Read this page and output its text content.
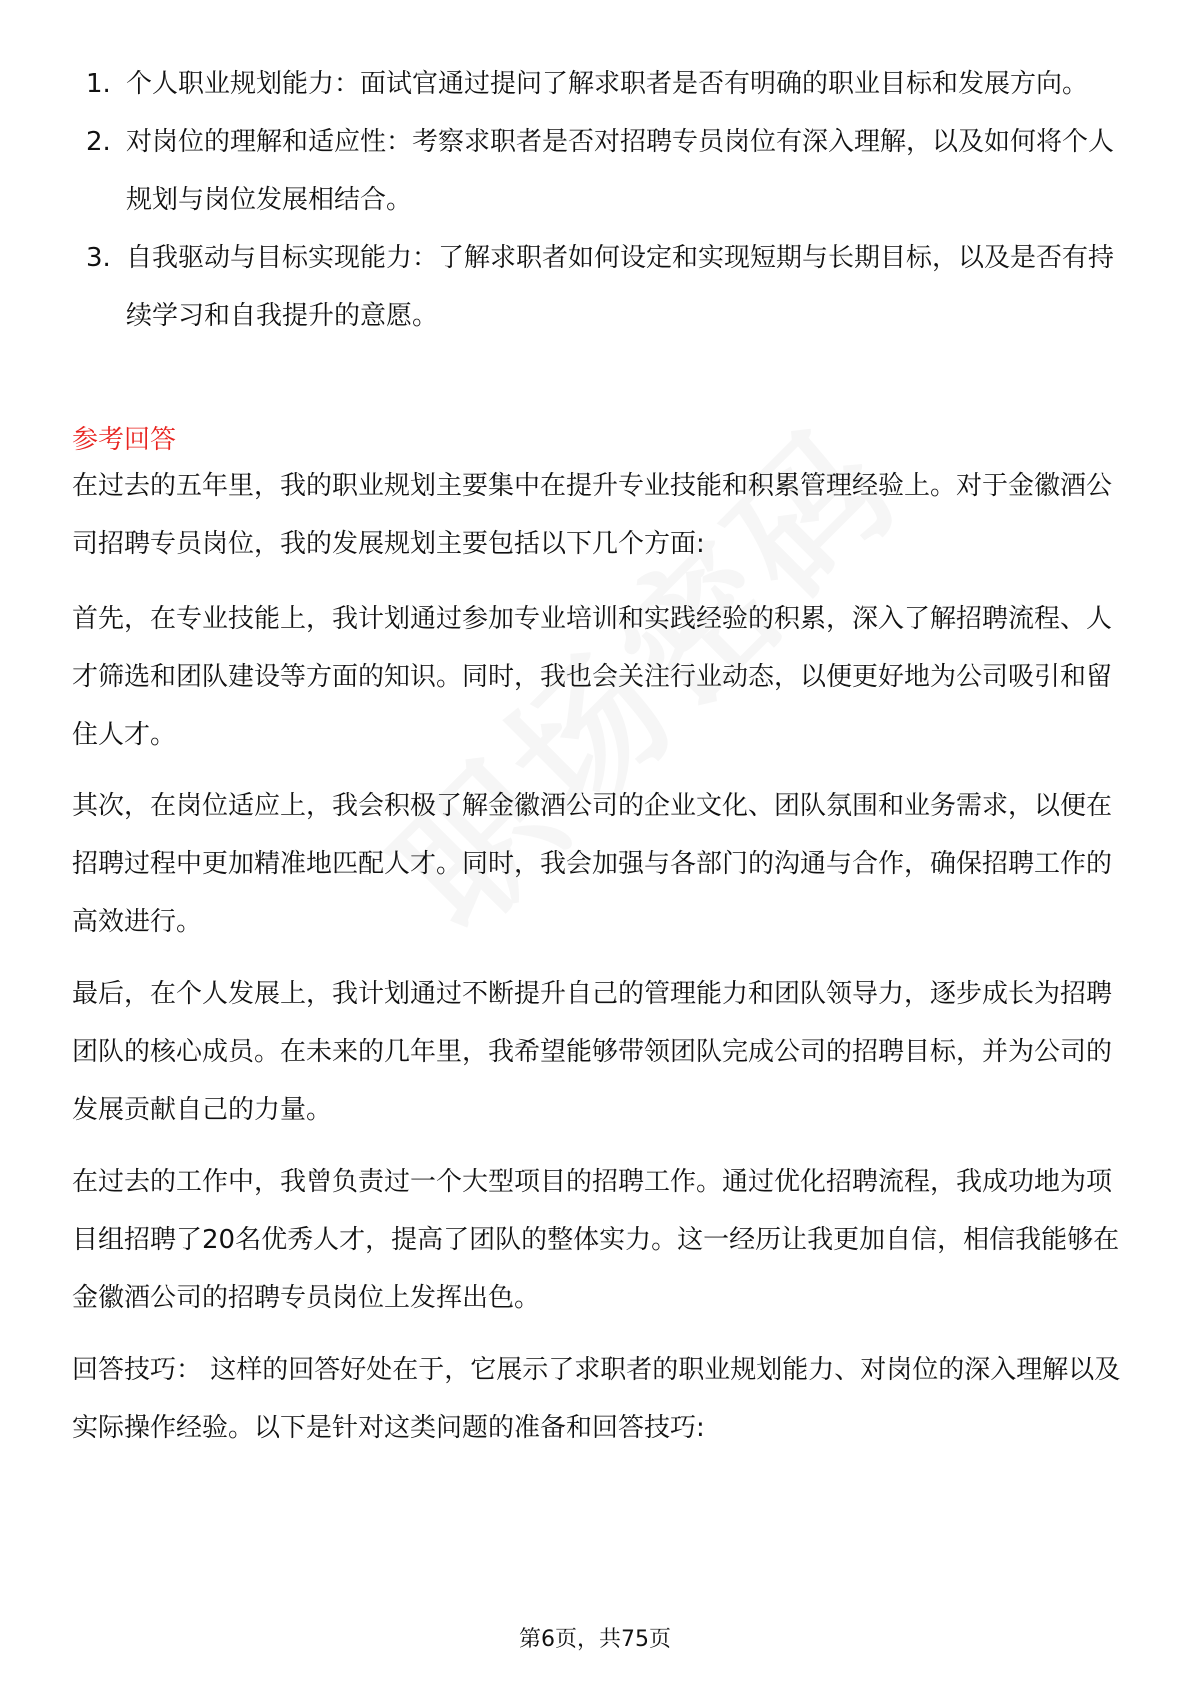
1. 个人职业规划能力：面试官通过提问了解求职者是否有明确的职业目标和发展方向。
2. 对岗位的理解和适应性：考察求职者是否对招聘专员岗位有深入理解，以及如何将个人规划与岗位发展相结合。
3. 自我驱动与目标实现能力：了解求职者如何设定和实现短期与长期目标，以及是否有持续学习和自我提升的意愿。
参考回答

在过去的五年里，我的职业规划主要集中在提升专业技能和积累管理经验上。对于金徽酒公司招聘专员岗位，我的发展规划主要包括以下几个方面:

首先，在专业技能上，我计划通过参加专业培训和实践经验的积累，深入了解招聘流程、人才筛选和团队建设等方面的知识。同时，我也会关注行业动态，以便更好地为公司吸引和留住人才。

其次，在岗位适应上，我会积极了解金徽酒公司的企业文化、团队氛围和业务需求，以便在招聘过程中更加精准地匹配人才。同时，我会加强与各部门的沟通与合作，确保招聘工作的高效进行。

最后，在个人发展上，我计划通过不断提升自己的管理能力和团队领导力，逐步成长为招聘团队的核心成员。在未来的几年里，我希望能够带领团队完成公司的招聘目标，并为公司的发展贡献自己的力量。

在过去的工作中，我曾负责过一个大型项目的招聘工作。通过优化招聘流程，我成功地为项目组招聘了20名优秀人才，提高了团队的整体实力。这一经历让我更加自信，相信我能够在金徽酒公司的招聘专员岗位上发挥出色。

回答技巧： 这样的回答好处在于，它展示了求职者的职业规划能力、对岗位的深入理解以及实际操作经验。以下是针对这类问题的准备和回答技巧:

第6页，共75页
